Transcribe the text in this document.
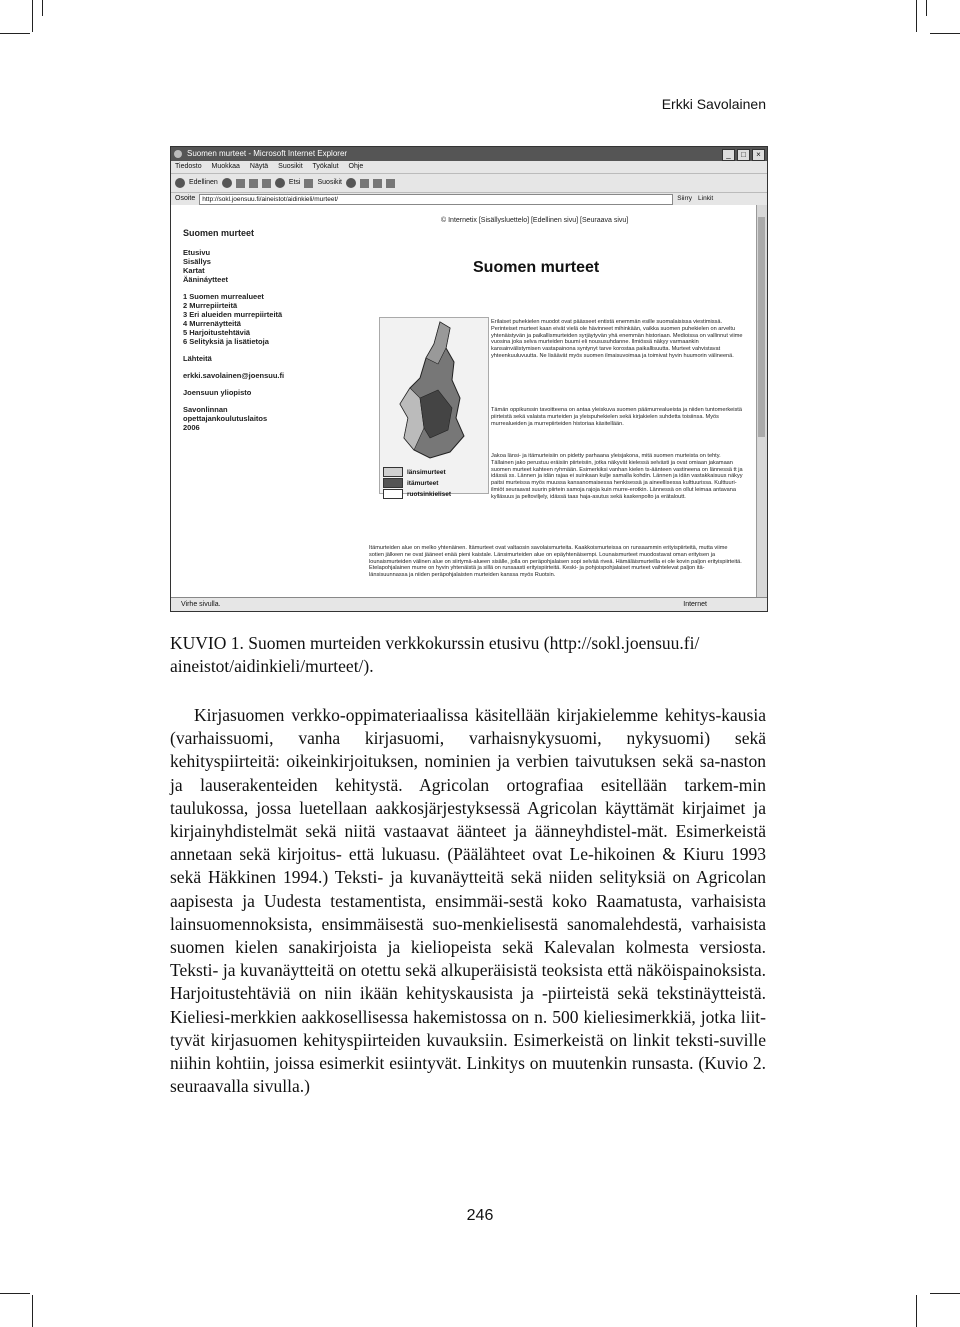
Erkki Savolainen
Suomen murteet - Microsoft Internet Explorer	_	□	×
Tiedosto Muokkaa Näytä Suosikit Työkalut Ohje
Edellinen	Etsi Suosikit
Osoite	http://sokl.joensuu.fi/aineistot/aidinkieli/murteet/	Siirry Linkit
Suomen murteet
Etusivu
Sisällys
Kartat
Äänináytteet
1 Suomen murrealueet
2 Murrepiirteitä
3 Eri alueiden murrepiirteitä
4 Murrenäytteitä
5 Harjoitustehtäviä
6 Selityksiä ja lisätietoja
Lähteitä
erkki.savolainen@joensuu.fi
Joensuun yliopisto
Savonlinnan
opettajankoulutuslaitos
2006
© Internetix [Sisällysluettelo] [Edellinen sivu] [Seuraava sivu]
Suomen murteet
länsimurteet
itämurteet
ruotsinkieliset
Erilaiset puhekielen muodot ovat päässeet entistä enemmän esille suomalaisissa viestimissä. Perinteiset murteet kaan eivät vielä ole hävinneet mihinkään, vaikka suomen puhekielen on arveltu yhtenäistyvän ja paikallismurteiden syrjäytyvän yhä enemmän historiaan. Medioissa on vallinnut viime vuosina joka selva murteiden buumi eli noususuhdanne. Ilmiössä näkyy varmaankin kansainvälistymisen vastapainona syntynyt tarve korostaa paikallisuutta. Murteet vahvistavat yhteenkuuluvuutta. Ne lisäävät myös suomen ilmaisuvoimaa ja toimivat hyvin huumorin välineenä.
Tämän oppikurssin tavoitteena on antaa yleiskuva suomen päämurrealueista ja niiden tuntomerkeistä piirteistä sekä valaista murteiden ja yleispuhekielen sekä kirjakielen suhdetta toisiinsa. Myös murrealueiden ja murrepiirteiden historiaa käsitellään.
Jakoa länsi- ja itämurteisiin on pidetty parhaana yleisjakona, mitä suomen murteista on tehty. Tällainen jako perustuu eräisiin piirteisiin, jotka näkyvät kielessä selvästi ja ovat omiaan jakamaan suomen murteet kahteen ryhmään. Esimerkiksi vanhan kielen ts-äänteen vastineena on lännessä tt ja idässä ss. Lännen ja idän rajaa ei suinkaan kulje samalla kohdin. Lännen ja idän vastakkaisuus näkyy paitsi murteissa myös muussa kansanomaisessa henkisessä ja aineellisessa kulttuurissa. Kulttuuri-ilmiöt seuraavat suurin piirtein samoja rajoja kuin murre-erotkin. Lännessä on ollut leimaa antavana kylläsuus ja peltoviljely, idässä taas haja-asutus sekä kaskenpolto ja erätaloutt.
Itämurteiden alue on melko yhtenäinen. Itämurteet ovat valtaosin savolaismurteita. Kaakkoismurteissa on runsaammin erityispiirteitä, mutta viime sotien jälkeen ne ovat jääneet enää pieni kaistale. Länsimurteiden alue on epäyhtenäisempi. Lounaismurteet muodostavat oman erityisen ja lounaismurteiden välinen alue on siirtymä-alueen sisälle, jolla on peräpohjalaisen sopi selvää riveä. Hämäläismurteilla ei ole kovin paljon erityispiirteitä. Etelapohjalainen murre on hyvin yhtenäistä ja sillä on runsaasti erityispiirteitä. Keski- ja pohjoispohjalaiset murteet vaihtelevat paljon itä-länsisuunnassa ja niiden peräpohjalaisten murteiden kanssa myös Ruotsin.
Virhe sivulla.	Internet
KUVIO 1. Suomen murteiden verkkokurssin etusivu (http://sokl.joensuu.fi/ aineistot/aidinkieli/murteet/).
Kirjasuomen verkko-oppimateriaalissa käsitellään kirjakielemme kehitys-kausia (varhaissuomi, vanha kirjasuomi, varhaisnykysuomi, nykysuomi) sekä kehityspiirteitä: oikeinkirjoituksen, nominien ja verbien taivutuksen sekä sa-naston ja lauserakenteiden kehitystä. Agricolan ortografiaa esitellään tarkem-min taulukossa, jossa luetellaan aakkosjärjestyksessä Agricolan käyttämät kirjaimet ja kirjainyhdistelmät sekä niitä vastaavat äänteet ja äänneyhdistel-mät. Esimerkeistä annetaan sekä kirjoitus- että lukuasu. (Päälähteet ovat Le-hikoinen & Kiuru 1993 sekä Häkkinen 1994.) Teksti- ja kuvanäytteitä sekä niiden selityksiä on Agricolan aapisesta ja Uudesta testamentista, ensimmäi-sestä koko Raamatusta, varhaisista lainsuomennoksista, ensimmäisestä suo-menkielisestä sanomalehdestä, varhaisista suomen kielen sanakirjoista ja kieliopeista sekä Kalevalan kolmesta versiosta. Teksti- ja kuvanäytteitä on otettu sekä alkuperäisistä teoksista että näköispainoksista. Harjoitustehtäviä on niin ikään kehityskausista ja -piirteistä sekä tekstinäytteistä. Kieliesi-merkkien aakkosellisessa hakemistossa on n. 500 kieliesimerkkiä, jotka liit-tyvät kirjasuomen kehityspiirteiden kuvauksiin. Esimerkeistä on linkit teksti-suville niihin kohtiin, joissa esimerkit esiintyvät. Linkitys on muutenkin runsasta. (Kuvio 2. seuraavalla sivulla.)
246
